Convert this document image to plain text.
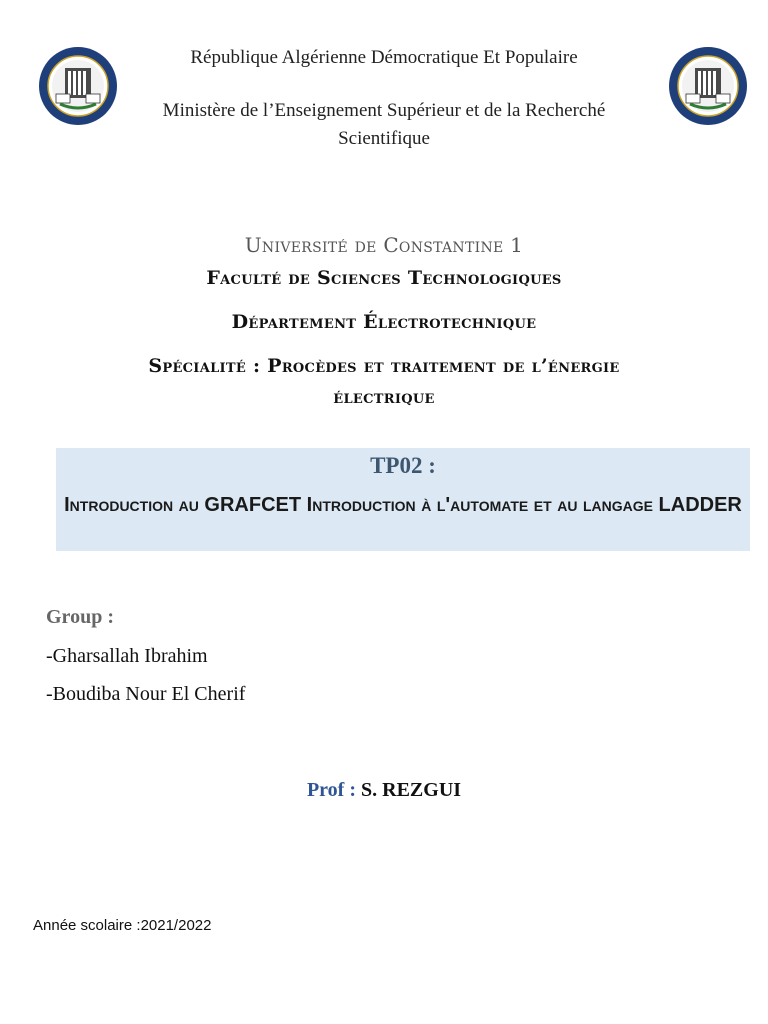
République Algérienne Démocratique Et Populaire
Ministère de l’Enseignement Supérieur et de la Recherché
Scientifique
Université de Constantine 1
Faculté de Sciences Technologiques
Département Électrotechnique
Spécialité : Procèdes et traitement de l’énergie
électrique
TP02 :
Introduction au GRAFCET Introduction à l'automate et au langage LADDER
Group :
-Gharsallah Ibrahim
-Boudiba Nour El Cherif
Prof : S. REZGUI
Année scolaire :2021/2022
